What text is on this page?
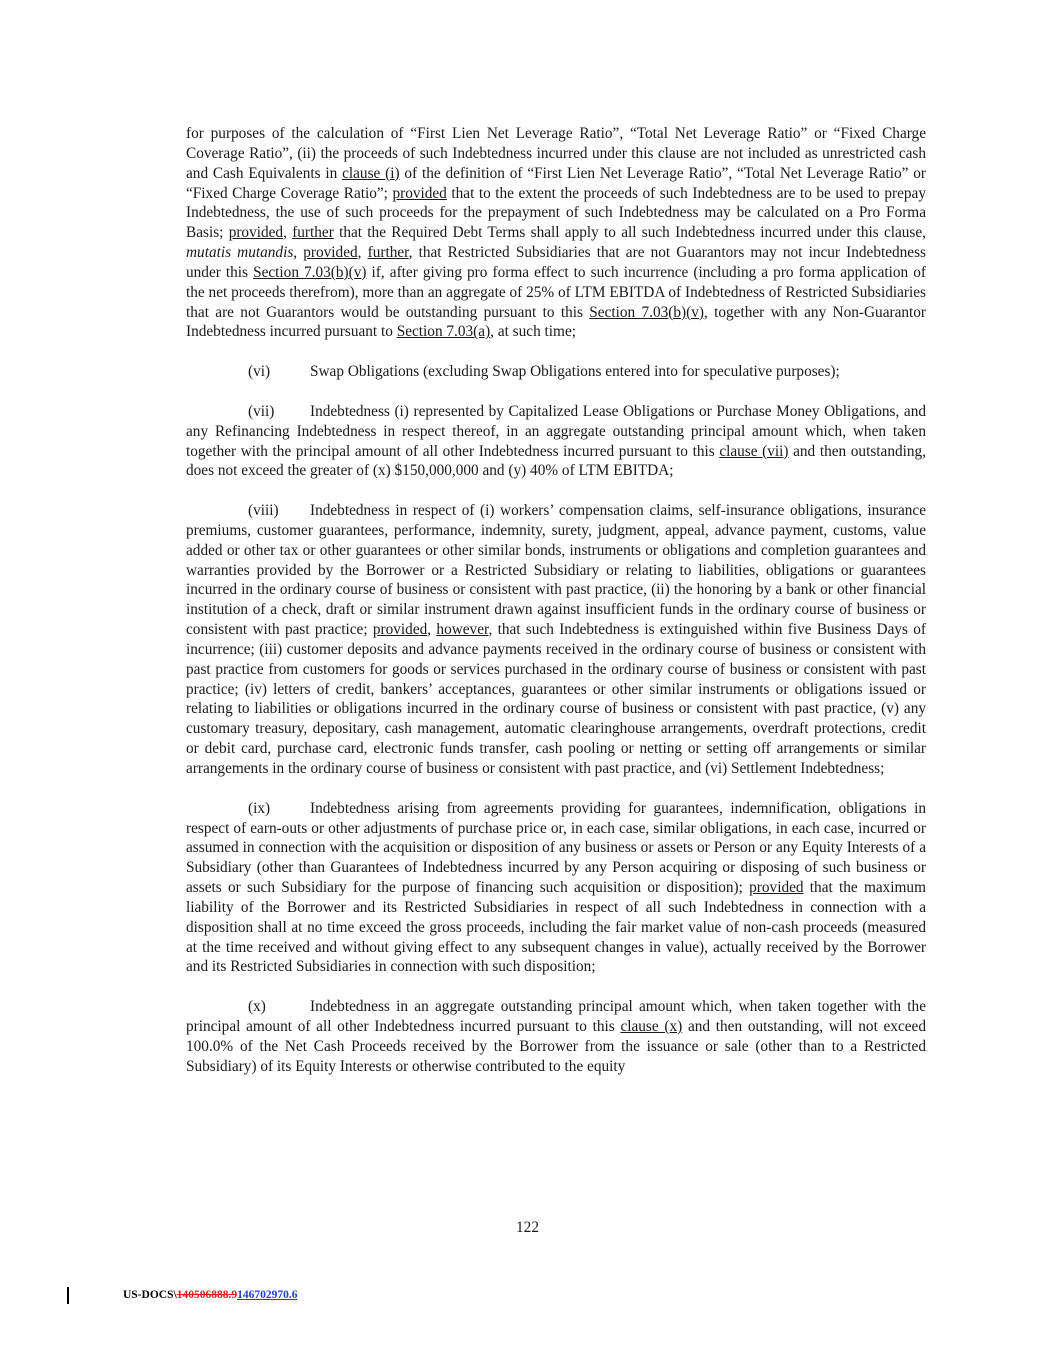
for purposes of the calculation of “First Lien Net Leverage Ratio”, “Total Net Leverage Ratio” or “Fixed Charge Coverage Ratio”, (ii) the proceeds of such Indebtedness incurred under this clause are not included as unrestricted cash and Cash Equivalents in clause (i) of the definition of “First Lien Net Leverage Ratio”, “Total Net Leverage Ratio” or “Fixed Charge Coverage Ratio”; provided that to the extent the proceeds of such Indebtedness are to be used to prepay Indebtedness, the use of such proceeds for the prepayment of such Indebtedness may be calculated on a Pro Forma Basis; provided, further that the Required Debt Terms shall apply to all such Indebtedness incurred under this clause, mutatis mutandis, provided, further, that Restricted Subsidiaries that are not Guarantors may not incur Indebtedness under this Section 7.03(b)(v) if, after giving pro forma effect to such incurrence (including a pro forma application of the net proceeds therefrom), more than an aggregate of 25% of LTM EBITDA of Indebtedness of Restricted Subsidiaries that are not Guarantors would be outstanding pursuant to this Section 7.03(b)(v), together with any Non-Guarantor Indebtedness incurred pursuant to Section 7.03(a), at such time;

(vi)	Swap Obligations (excluding Swap Obligations entered into for speculative purposes);

(vii) Indebtedness (i) represented by Capitalized Lease Obligations or Purchase Money Obligations, and any Refinancing Indebtedness in respect thereof, in an aggregate outstanding principal amount which, when taken together with the principal amount of all other Indebtedness incurred pursuant to this clause (vii) and then outstanding, does not exceed the greater of (x) $150,000,000 and (y) 40% of LTM EBITDA;

(viii) Indebtedness in respect of (i) workers’ compensation claims, self-insurance obligations, insurance premiums, customer guarantees, performance, indemnity, surety, judgment, appeal, advance payment, customs, value added or other tax or other guarantees or other similar bonds, instruments or obligations and completion guarantees and warranties provided by the Borrower or a Restricted Subsidiary or relating to liabilities, obligations or guarantees incurred in the ordinary course of business or consistent with past practice, (ii) the honoring by a bank or other financial institution of a check, draft or similar instrument drawn against insufficient funds in the ordinary course of business or consistent with past practice; provided, however, that such Indebtedness is extinguished within five Business Days of incurrence; (iii) customer deposits and advance payments received in the ordinary course of business or consistent with past practice from customers for goods or services purchased in the ordinary course of business or consistent with past practice; (iv) letters of credit, bankers’ acceptances, guarantees or other similar instruments or obligations issued or relating to liabilities or obligations incurred in the ordinary course of business or consistent with past practice, (v) any customary treasury, depositary, cash management, automatic clearinghouse arrangements, overdraft protections, credit or debit card, purchase card, electronic funds transfer, cash pooling or netting or setting off arrangements or similar arrangements in the ordinary course of business or consistent with past practice, and (vi) Settlement Indebtedness;

(ix)	Indebtedness arising from agreements providing for guarantees, indemnification, obligations in respect of earn-outs or other adjustments of purchase price or, in each case, similar obligations, in each case, incurred or assumed in connection with the acquisition or disposition of any business or assets or Person or any Equity Interests of a Subsidiary (other than Guarantees of Indebtedness incurred by any Person acquiring or disposing of such business or assets or such Subsidiary for the purpose of financing such acquisition or disposition); provided that the maximum liability of the Borrower and its Restricted Subsidiaries in respect of all such Indebtedness in connection with a disposition shall at no time exceed the gross proceeds, including the fair market value of non-cash proceeds (measured at the time received and without giving effect to any subsequent changes in value), actually received by the Borrower and its Restricted Subsidiaries in connection with such disposition;

(x)	Indebtedness in an aggregate outstanding principal amount which, when taken together with the principal amount of all other Indebtedness incurred pursuant to this clause (x) and then outstanding, will not exceed 100.0% of the Net Cash Proceeds received by the Borrower from the issuance or sale (other than to a Restricted Subsidiary) of its Equity Interests or otherwise contributed to the equity

122
US-DOCS\140506888.9146702970.6
